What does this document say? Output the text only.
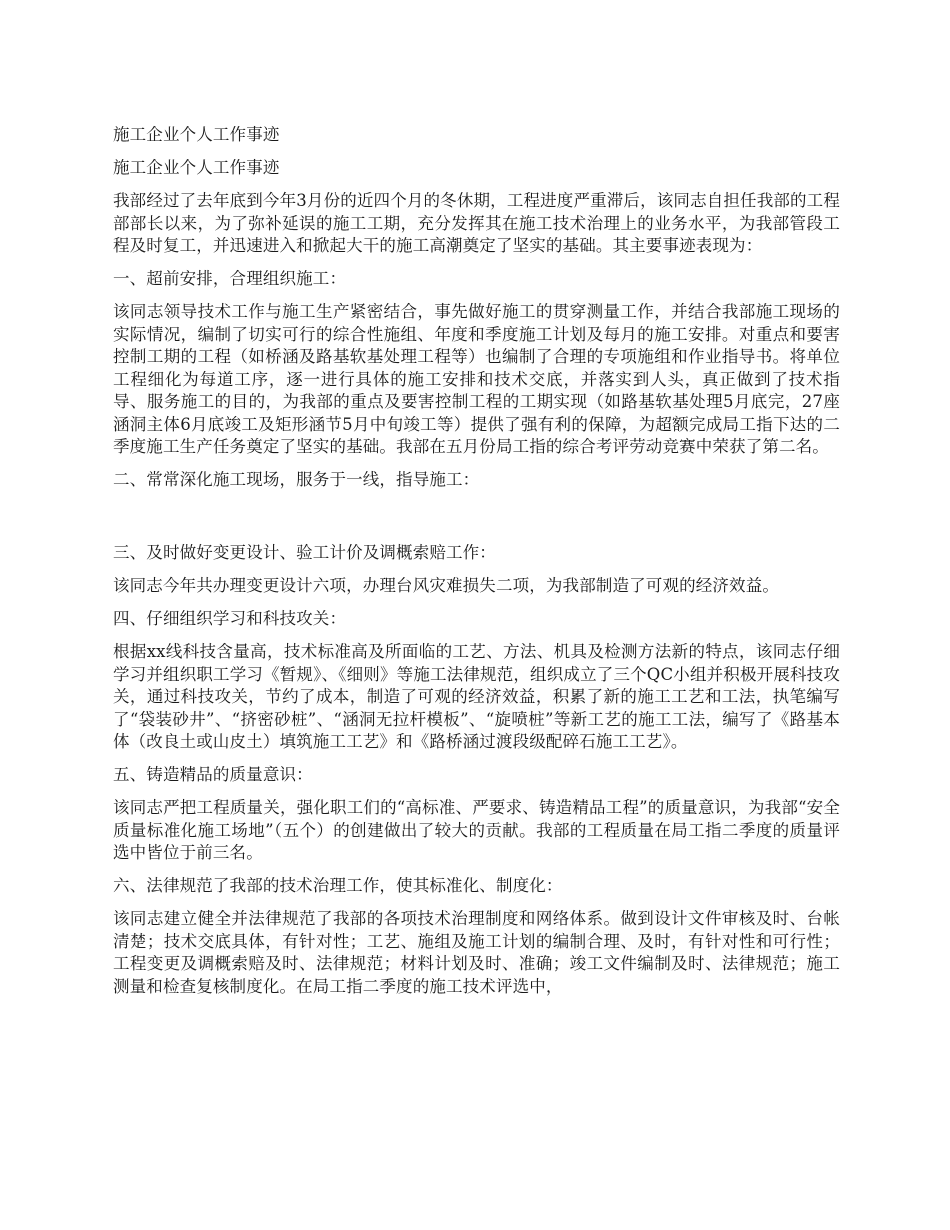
施工企业个人工作事迹

施工企业个人工作事迹

我部经过了去年底到今年3月份的近四个月的冬休期，工程进度严重滞后，该同志自担任我部的工程部部长以来，为了弥补延误的施工工期，充分发挥其在施工技术治理上的业务水平，为我部管段工程及时复工，并迅速进入和掀起大干的施工高潮奠定了坚实的基础。其主要事迹表现为：

一、超前安排，合理组织施工：

该同志领导技术工作与施工生产紧密结合，事先做好施工的贯穿测量工作，并结合我部施工现场的实际情况，编制了切实可行的综合性施组、年度和季度施工计划及每月的施工安排。对重点和要害控制工期的工程（如桥涵及路基软基处理工程等）也编制了合理的专项施组和作业指导书。将单位工程细化为每道工序，逐一进行具体的施工安排和技术交底，并落实到人头，真正做到了技术指导、服务施工的目的，为我部的重点及要害控制工程的工期实现（如路基软基处理5月底完，27座涵洞主体6月底竣工及矩形涵节5月中旬竣工等）提供了强有利的保障，为超额完成局工指下达的二季度施工生产任务奠定了坚实的基础。我部在五月份局工指的综合考评劳动竞赛中荣获了第二名。

二、常常深化施工现场，服务于一线，指导施工：

三、及时做好变更设计、验工计价及调概索赔工作：

该同志今年共办理变更设计六项，办理台风灾难损失二项，为我部制造了可观的经济效益。

四、仔细组织学习和科技攻关：

根据xx线科技含量高，技术标准高及所面临的工艺、方法、机具及检测方法新的特点，该同志仔细学习并组织职工学习《暂规》、《细则》等施工法律规范，组织成立了三个QC小组并积极开展科技攻关，通过科技攻关，节约了成本，制造了可观的经济效益，积累了新的施工工艺和工法，执笔编写了“袋装砂井”、“挤密砂桩”、“涵洞无拉杆模板”、“旋喷桩”等新工艺的施工工法，编写了《路基本体（改良土或山皮土）填筑施工工艺》和《路桥涵过渡段级配碎石施工工艺》。

五、铸造精品的质量意识：

该同志严把工程质量关，强化职工们的“高标准、严要求、铸造精品工程”的质量意识，为我部“安全质量标准化施工场地”（五个）的创建做出了较大的贡献。我部的工程质量在局工指二季度的质量评选中皆位于前三名。

六、法律规范了我部的技术治理工作，使其标准化、制度化：

该同志建立健全并法律规范了我部的各项技术治理制度和网络体系。做到设计文件审核及时、台帐清楚；技术交底具体，有针对性；工艺、施组及施工计划的编制合理、及时，有针对性和可行性；工程变更及调概索赔及时、法律规范；材料计划及时、准确；竣工文件编制及时、法律规范；施工测量和检查复核制度化。在局工指二季度的施工技术评选中，
